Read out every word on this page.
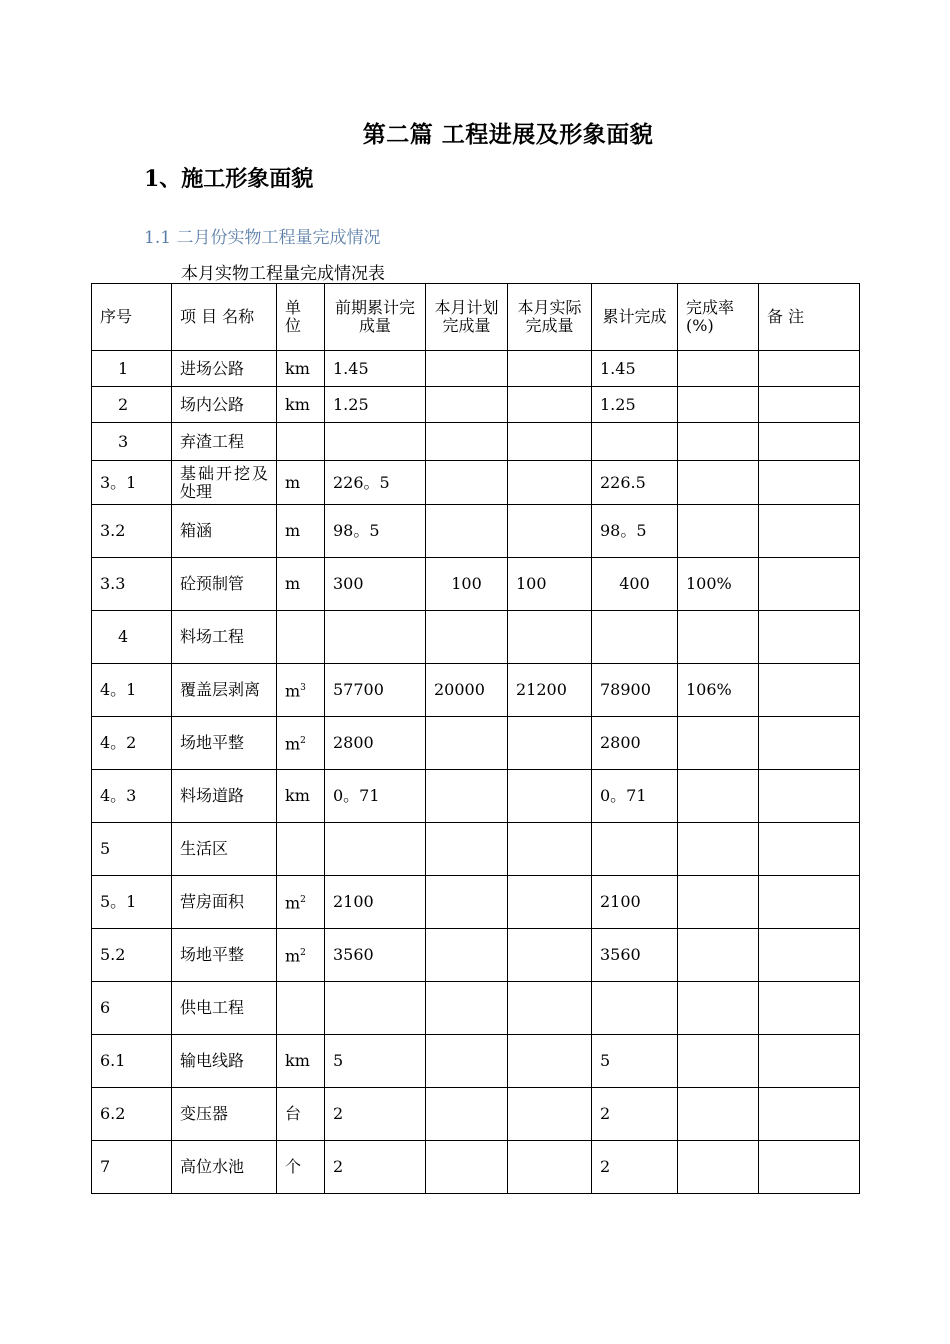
第二篇 工程进展及形象面貌
1、施工形象面貌
1.1 二月份实物工程量完成情况
本月实物工程量完成情况表
序号	项 目 名称	单位	前期累计完成量	本月计划完成量	本月实际完成量	累计完成	完成率(%)	备 注
1	进场公路	km	1.45			1.45		
2	场内公路	km	1.25			1.25		
3	弃渣工程							
3。1	基础开挖及处理	m	226。5			226.5		
3.2	箱涵	m	98。5			98。5		
3.3	砼预制管	m	300	100	100	400	100%	
4	料场工程							
4。1	覆盖层剥离	$m^3$	57700	20000	21200	78900	106%	
4。2	场地平整	$m^2$	2800			2800		
4。3	料场道路	km	0。71			0。71		
5	生活区							
5。1	营房面积	$m^2$	2100			2100		
5.2	场地平整	$m^2$	3560			3560		
6	供电工程							
6.1	输电线路	km	5			5		
6.2	变压器	台	2			2		
7	高位水池	个	2			2		
